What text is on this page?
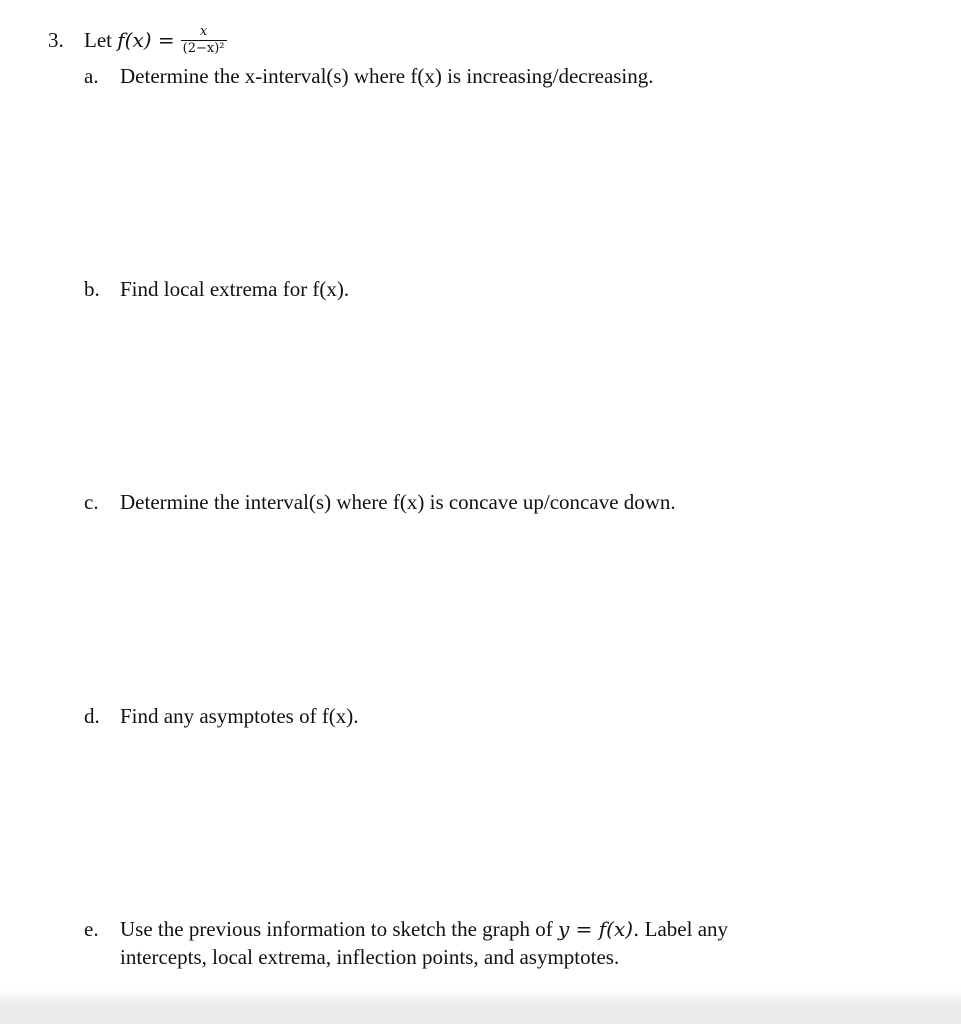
3. Let $f(x) = \frac{x}{\text{(2−x)²}}$
a. Determine the x-interval(s) where f(x) is increasing/decreasing.
b. Find local extrema for f(x).
c. Determine the interval(s) where f(x) is concave up/concave down.
d. Find any asymptotes of f(x).
e. Use the previous information to sketch the graph of y = f(x). Label any
intercepts, local extrema, inflection points, and asymptotes.
